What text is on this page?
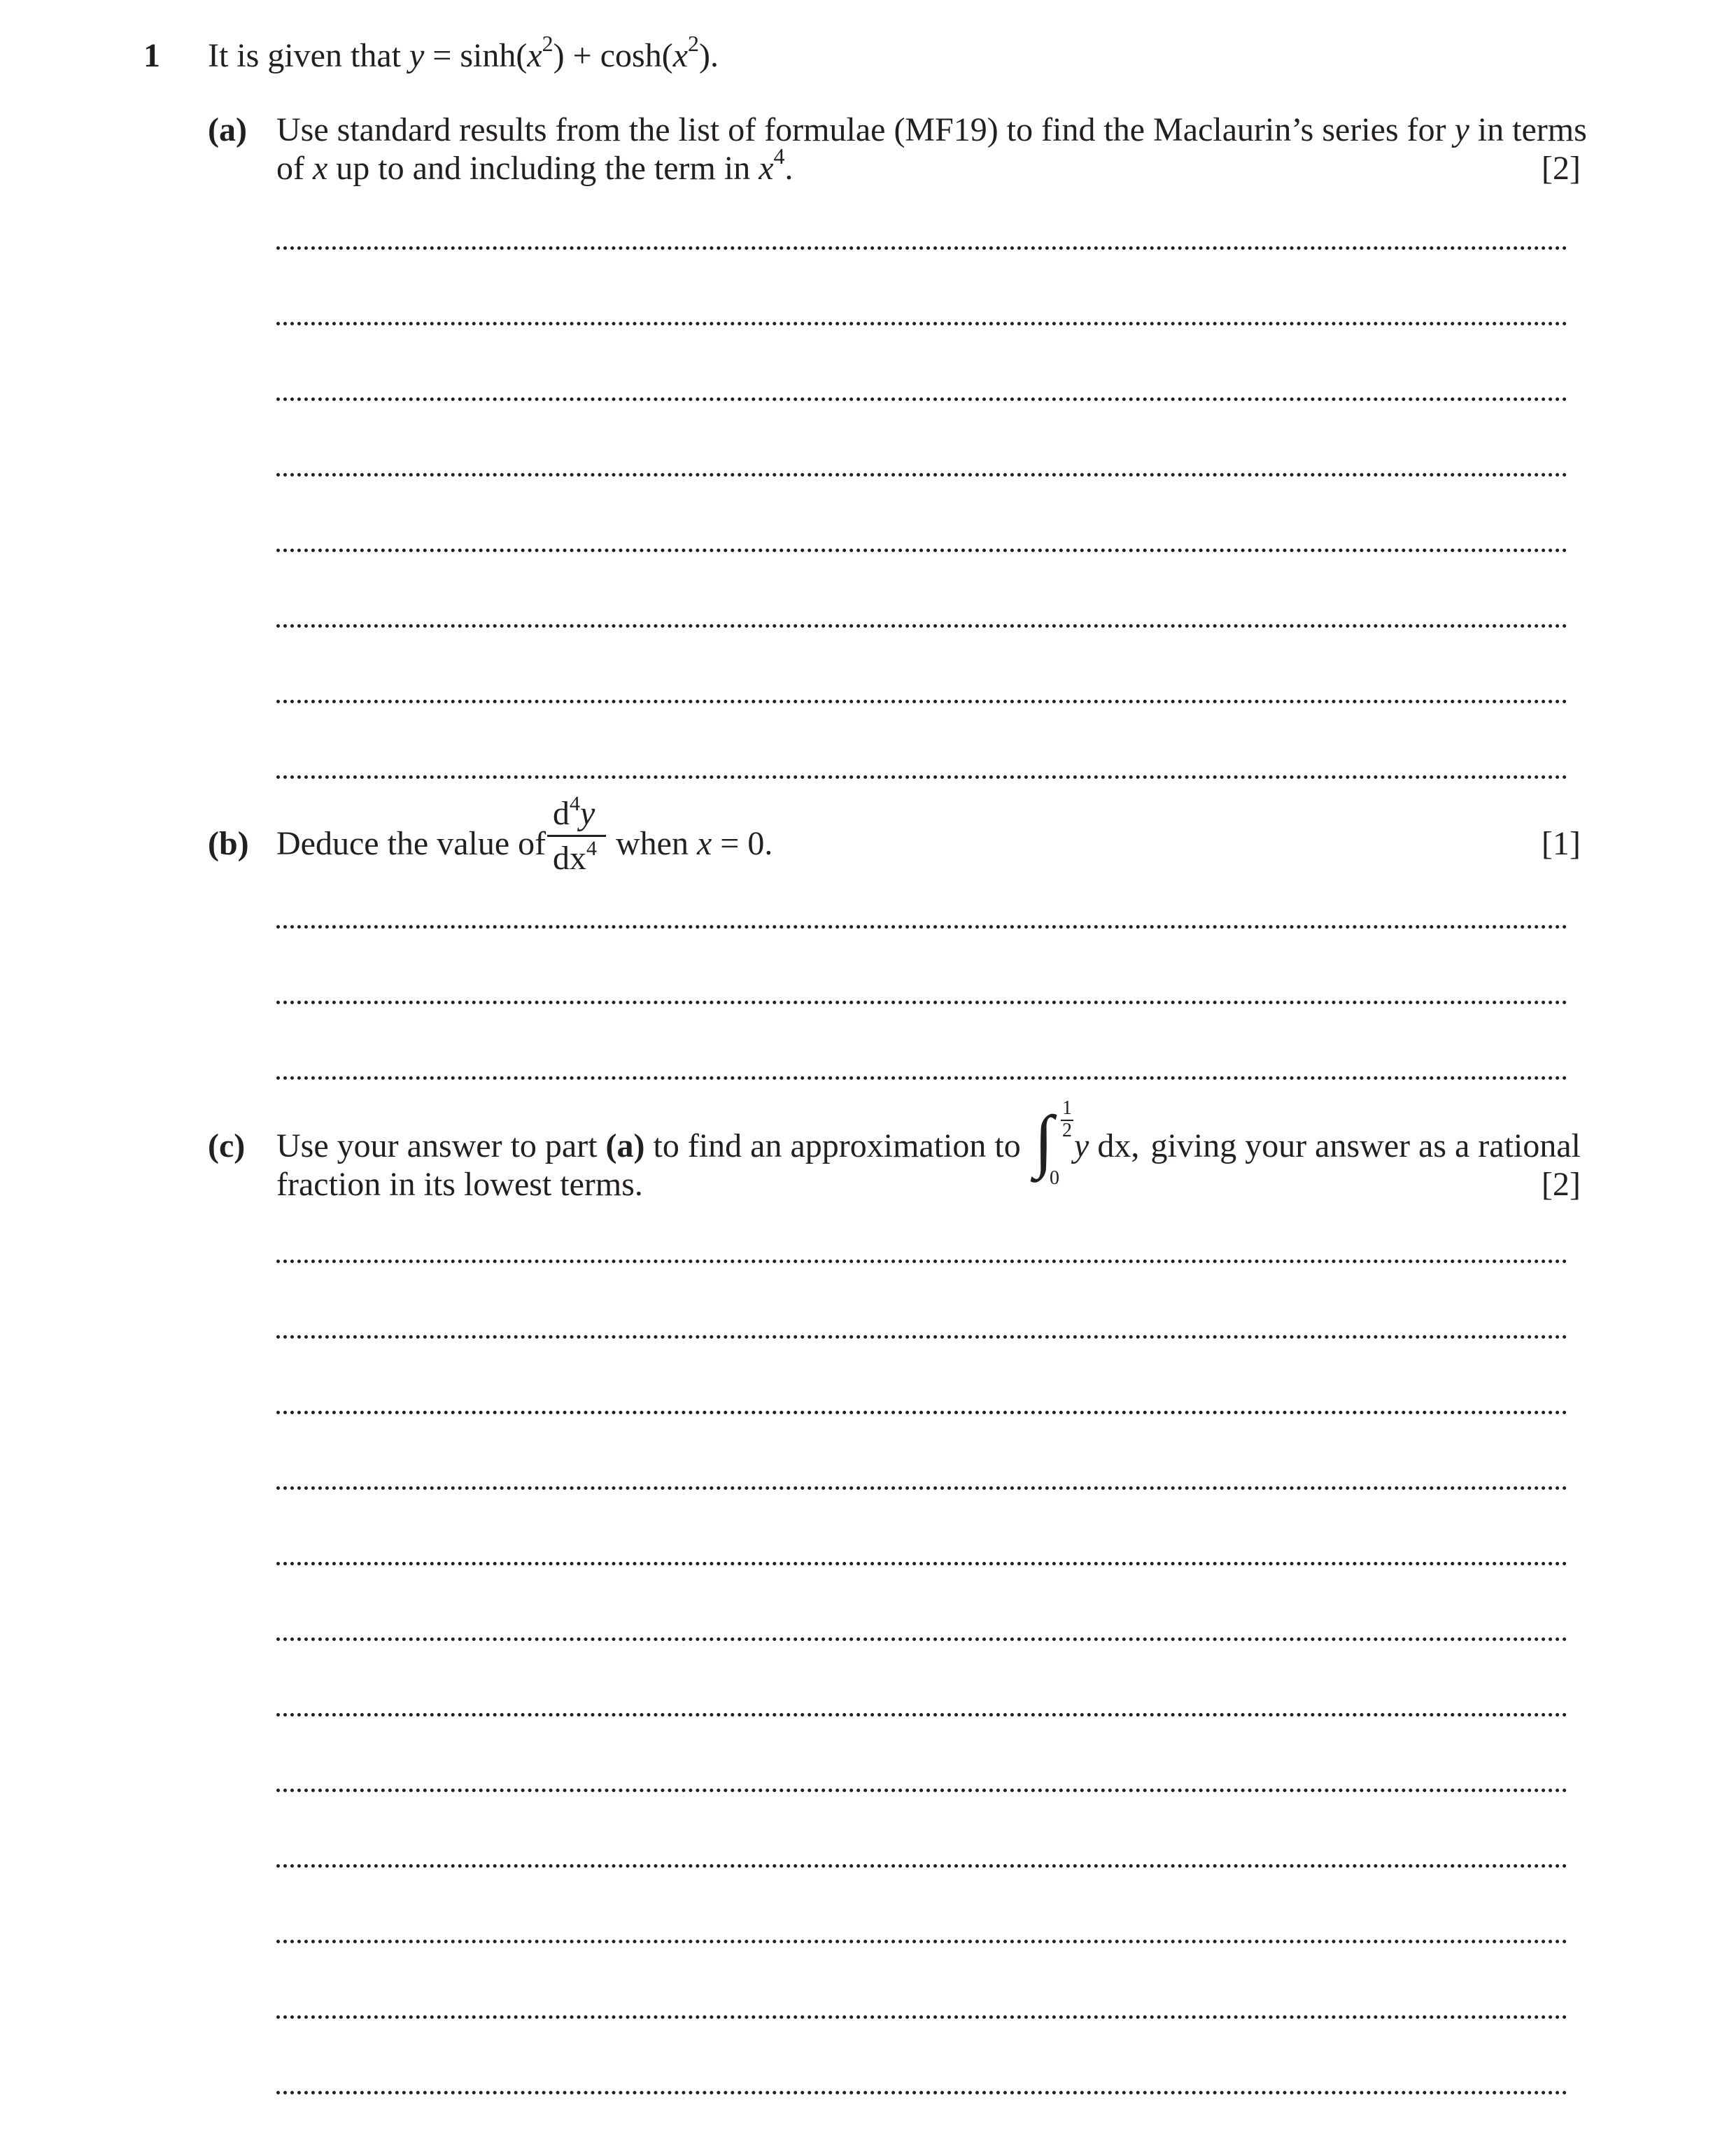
1 It is given that $y = \sinh(x^2) + \cosh(x^2)$.
(a) Use standard results from the list of formulae (MF19) to find the Maclaurin’s series for y in terms
of x up to and including the term in $x^4$.	[2]
(b) Deduce the value of
$d^4y$
$dx^4$ when x = 0.	[1]
(c) Use your answer to part (a) to find an approximation to ∫ 1
2
0
y dx, giving your answer as a rational
fraction in its lowest terms.	[2]
